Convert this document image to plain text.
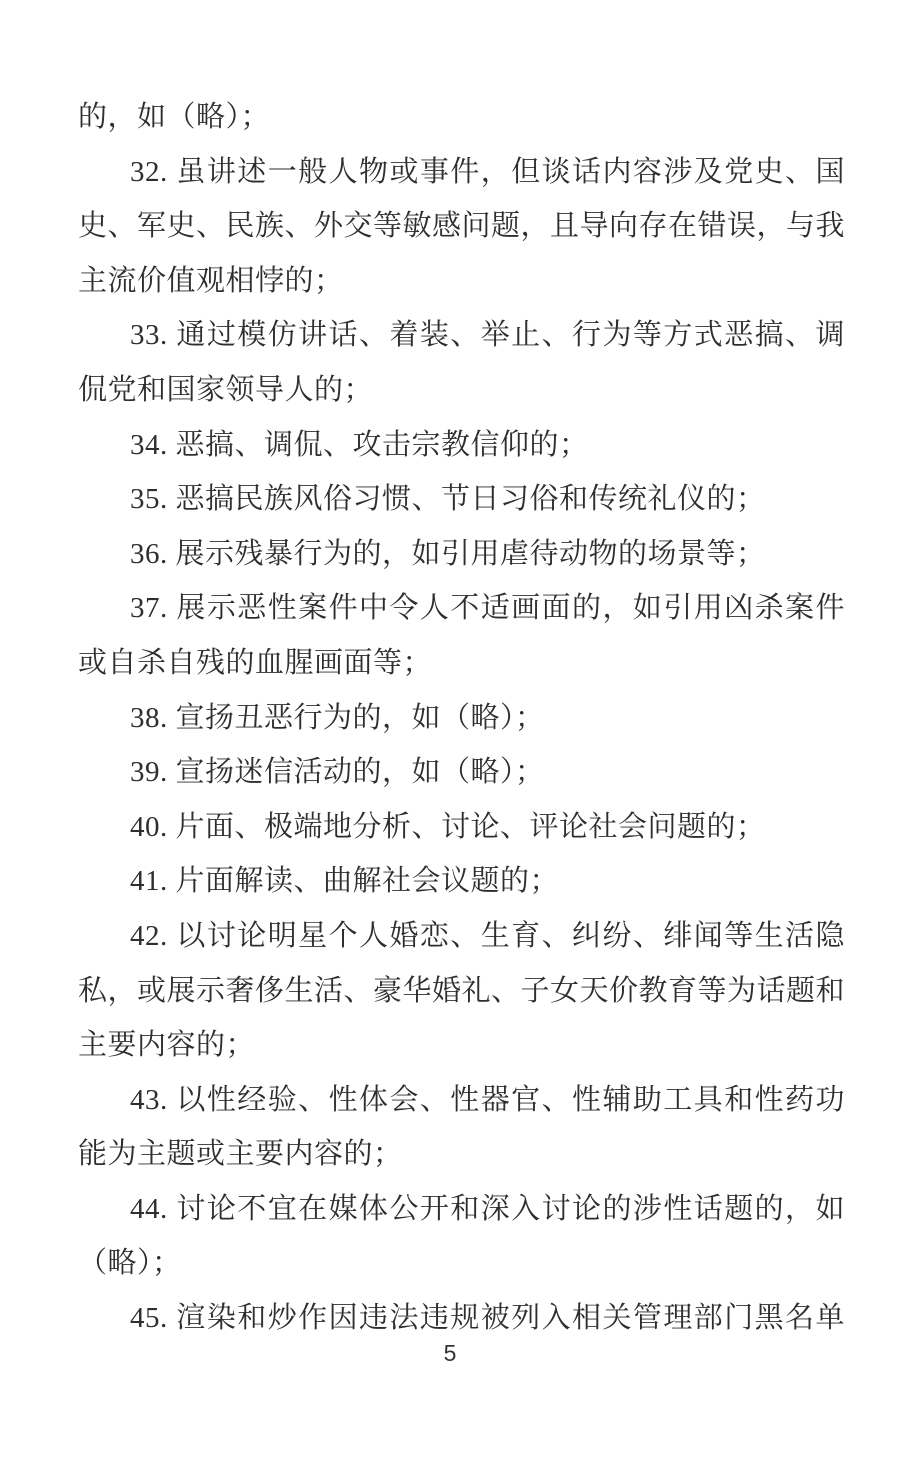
的，如（略）；
32. 虽讲述一般人物或事件，但谈话内容涉及党史、国
史、军史、民族、外交等敏感问题，且导向存在错误，与我
主流价值观相悖的；
33. 通过模仿讲话、着装、举止、行为等方式恶搞、调
侃党和国家领导人的；
34. 恶搞、调侃、攻击宗教信仰的；
35. 恶搞民族风俗习惯、节日习俗和传统礼仪的；
36. 展示残暴行为的，如引用虐待动物的场景等；
37. 展示恶性案件中令人不适画面的，如引用凶杀案件
或自杀自残的血腥画面等；
38. 宣扬丑恶行为的，如（略）；
39. 宣扬迷信活动的，如（略）；
40. 片面、极端地分析、讨论、评论社会问题的；
41. 片面解读、曲解社会议题的；
42. 以讨论明星个人婚恋、生育、纠纷、绯闻等生活隐
私，或展示奢侈生活、豪华婚礼、子女天价教育等为话题和
主要内容的；
43. 以性经验、性体会、性器官、性辅助工具和性药功
能为主题或主要内容的；
44. 讨论不宜在媒体公开和深入讨论的涉性话题的，如
（略）；
45. 渲染和炒作因违法违规被列入相关管理部门黑名单
5
